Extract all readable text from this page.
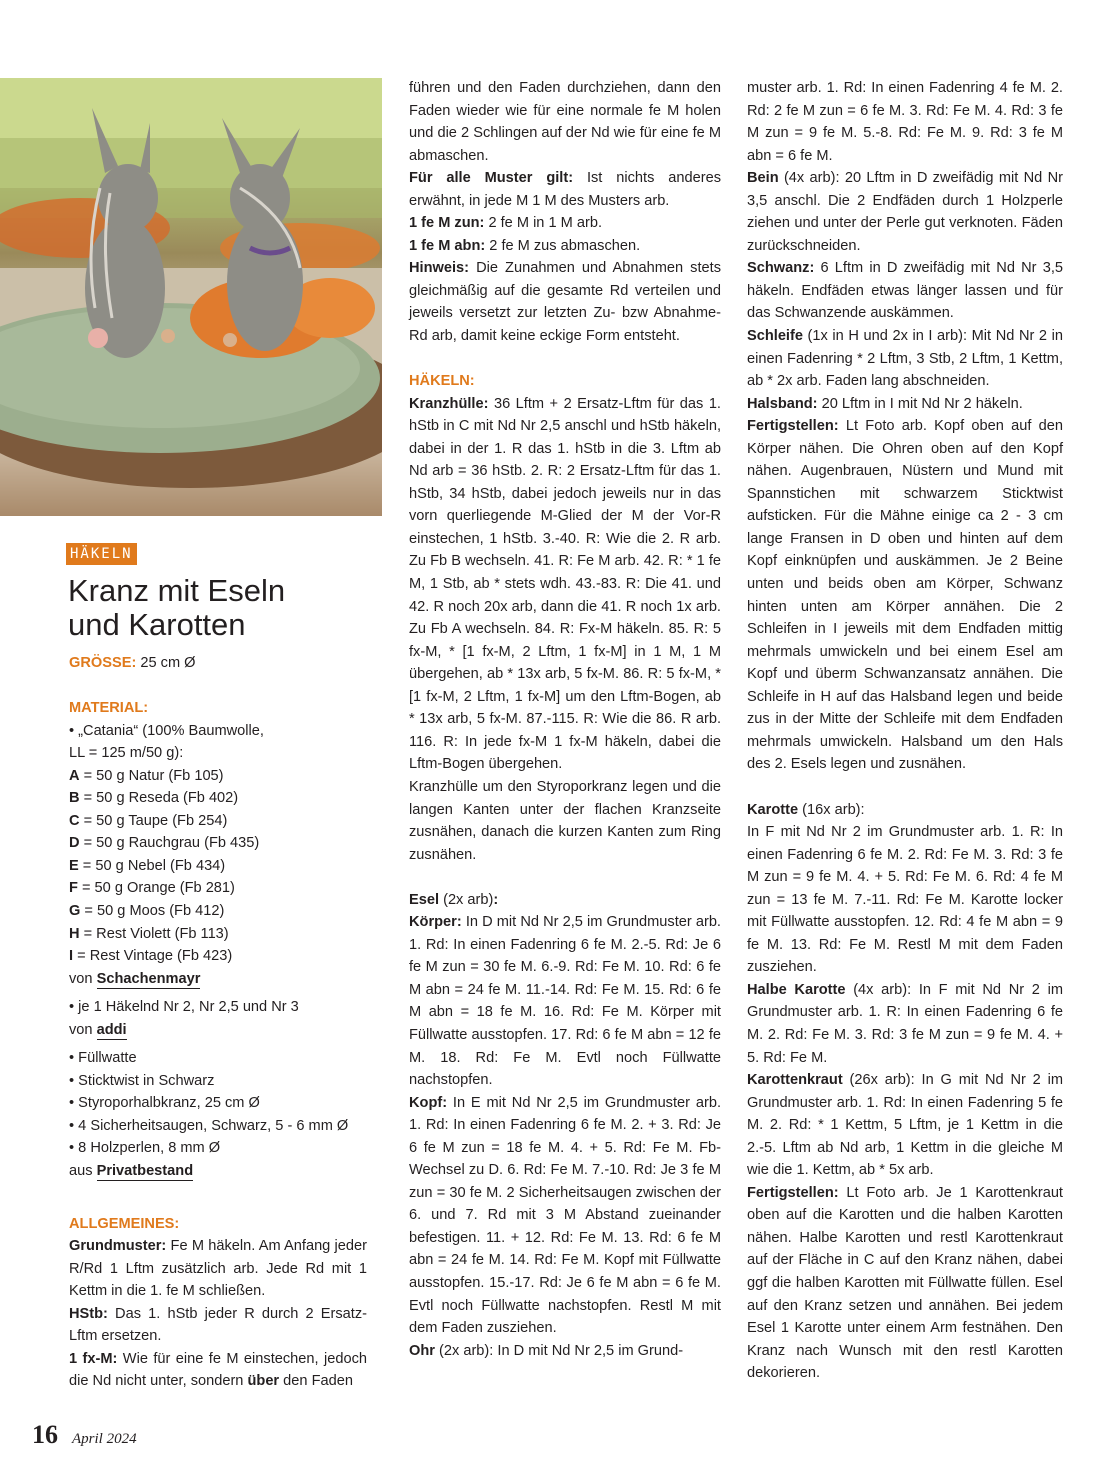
HÄKELN
Kranz mit Eseln
und Karotten

GRÖSSE: 25 cm Ø

MATERIAL:

• „Catania“ (100% Baumwolle,

LL = 125 m/50 g):

A = 50 g Natur (Fb 105)

B = 50 g Reseda (Fb 402)

C = 50 g Taupe (Fb 254)

D = 50 g Rauchgrau (Fb 435)

E = 50 g Nebel (Fb 434)

F = 50 g Orange (Fb 281)

G = 50 g Moos (Fb 412)

H = Rest Violett (Fb 113)

I = Rest Vintage (Fb 423)

von Schachenmayr

• je 1 Häkelnd Nr 2, Nr 2,5 und Nr 3

von addi

• Füllwatte

• Sticktwist in Schwarz

• Styroporhalbkranz, 25 cm Ø

• 4 Sicherheitsaugen, Schwarz, 5 - 6 mm Ø

• 8 Holzperlen, 8 mm Ø

aus Privatbestand

ALLGEMEINES:

Grundmuster: Fe M häkeln. Am Anfang jeder R/Rd 1 Lftm zusätzlich arb. Jede Rd mit 1 Kettm in die 1. fe M schließen.

HStb: Das 1. hStb jeder R durch 2 Ersatz-Lftm ersetzen.

1 fx-M: Wie für eine fe M einstechen, jedoch die Nd nicht unter, sondern über den Faden

führen und den Faden durchziehen, dann den Faden wieder wie für eine normale fe M holen und die 2 Schlingen auf der Nd wie für eine fe M abmaschen.

Für alle Muster gilt: Ist nichts anderes erwähnt, in jede M 1 M des Musters arb.

1 fe M zun: 2 fe M in 1 M arb.

1 fe M abn: 2 fe M zus abmaschen.

Hinweis: Die Zunahmen und Abnahmen stets gleichmäßig auf die gesamte Rd verteilen und jeweils versetzt zur letzten Zu- bzw Abnahme-Rd arb, damit keine eckige Form entsteht.

HÄKELN:

Kranzhülle: 36 Lftm + 2 Ersatz-Lftm für das 1. hStb in C mit Nd Nr 2,5 anschl und hStb häkeln, dabei in der 1. R das 1. hStb in die 3. Lftm ab Nd arb = 36 hStb. 2. R: 2 Ersatz-Lftm für das 1. hStb, 34 hStb, dabei jedoch jeweils nur in das vorn querliegende M-Glied der M der Vor-R einstechen, 1 hStb. 3.-40. R: Wie die 2. R arb. Zu Fb B wechseln. 41. R: Fe M arb. 42. R: * 1 fe M, 1 Stb, ab * stets wdh. 43.-83. R: Die 41. und 42. R noch 20x arb, dann die 41. R noch 1x arb. Zu Fb A wechseln. 84. R: Fx-M häkeln. 85. R: 5 fx-M, * [1 fx-M, 2 Lftm, 1 fx-M] in 1 M, 1 M übergehen, ab * 13x arb, 5 fx-M. 86. R: 5 fx-M, * [1 fx-M, 2 Lftm, 1 fx-M] um den Lftm-Bogen, ab * 13x arb, 5 fx-M. 87.-115. R: Wie die 86. R arb. 116. R: In jede fx-M 1 fx-M häkeln, dabei die Lftm-Bogen übergehen.

Kranzhülle um den Styroporkranz legen und die langen Kanten unter der flachen Kranzseite zusnähen, danach die kurzen Kanten zum Ring zusnähen.

Esel (2x arb):

Körper: In D mit Nd Nr 2,5 im Grundmuster arb. 1. Rd: In einen Fadenring 6 fe M. 2.-5. Rd: Je 6 fe M zun = 30 fe M. 6.-9. Rd: Fe M. 10. Rd: 6 fe M abn = 24 fe M. 11.-14. Rd: Fe M. 15. Rd: 6 fe M abn = 18 fe M. 16. Rd: Fe M. Körper mit Füllwatte ausstopfen. 17. Rd: 6 fe M abn = 12 fe M. 18. Rd: Fe M. Evtl noch Füllwatte nachstopfen.

Kopf: In E mit Nd Nr 2,5 im Grundmuster arb. 1. Rd: In einen Fadenring 6 fe M. 2. + 3. Rd: Je 6 fe M zun = 18 fe M. 4. + 5. Rd: Fe M. Fb-Wechsel zu D. 6. Rd: Fe M. 7.-10. Rd: Je 3 fe M zun = 30 fe M. 2 Sicherheitsaugen zwischen der 6. und 7. Rd mit 3 M Abstand zueinander befestigen. 11. + 12. Rd: Fe M. 13. Rd: 6 fe M abn = 24 fe M. 14. Rd: Fe M. Kopf mit Füllwatte ausstopfen. 15.-17. Rd: Je 6 fe M abn = 6 fe M. Evtl noch Füllwatte nachstopfen. Restl M mit dem Faden zusziehen.

Ohr (2x arb): In D mit Nd Nr 2,5 im Grund-

muster arb. 1. Rd: In einen Fadenring 4 fe M. 2. Rd: 2 fe M zun = 6 fe M. 3. Rd: Fe M. 4. Rd: 3 fe M zun = 9 fe M. 5.-8. Rd: Fe M. 9. Rd: 3 fe M abn = 6 fe M.

Bein (4x arb): 20 Lftm in D zweifädig mit Nd Nr 3,5 anschl. Die 2 Endfäden durch 1 Holzperle ziehen und unter der Perle gut verknoten. Fäden zurückschneiden.

Schwanz: 6 Lftm in D zweifädig mit Nd Nr 3,5 häkeln. Endfäden etwas länger lassen und für das Schwanzende auskämmen.

Schleife (1x in H und 2x in I arb): Mit Nd Nr 2 in einen Fadenring * 2 Lftm, 3 Stb, 2 Lftm, 1 Kettm, ab * 2x arb. Faden lang abschneiden.

Halsband: 20 Lftm in I mit Nd Nr 2 häkeln.

Fertigstellen: Lt Foto arb. Kopf oben auf den Körper nähen. Die Ohren oben auf den Kopf nähen. Augenbrauen, Nüstern und Mund mit Spannstichen mit schwarzem Sticktwist aufsticken. Für die Mähne einige ca 2 - 3 cm lange Fransen in D oben und hinten auf dem Kopf einknüpfen und auskämmen. Je 2 Beine unten und beids oben am Körper, Schwanz hinten unten am Körper annähen. Die 2 Schleifen in I jeweils mit dem Endfaden mittig mehrmals umwickeln und bei einem Esel am Kopf und überm Schwanzansatz annähen. Die Schleife in H auf das Halsband legen und beide zus in der Mitte der Schleife mit dem Endfaden mehrmals umwickeln. Halsband um den Hals des 2. Esels legen und zusnähen.

Karotte (16x arb):

In F mit Nd Nr 2 im Grundmuster arb. 1. R: In einen Fadenring 6 fe M. 2. Rd: Fe M. 3. Rd: 3 fe M zun = 9 fe M. 4. + 5. Rd: Fe M. 6. Rd: 4 fe M zun = 13 fe M. 7.-11. Rd: Fe M. Karotte locker mit Füllwatte ausstopfen. 12. Rd: 4 fe M abn = 9 fe M. 13. Rd: Fe M. Restl M mit dem Faden zusziehen.

Halbe Karotte (4x arb): In F mit Nd Nr 2 im Grundmuster arb. 1. R: In einen Fadenring 6 fe M. 2. Rd: Fe M. 3. Rd: 3 fe M zun = 9 fe M. 4. + 5. Rd: Fe M.

Karottenkraut (26x arb): In G mit Nd Nr 2 im Grundmuster arb. 1. Rd: In einen Fadenring 5 fe M. 2. Rd: * 1 Kettm, 5 Lftm, je 1 Kettm in die 2.-5. Lftm ab Nd arb, 1 Kettm in die gleiche M wie die 1. Kettm, ab * 5x arb.

Fertigstellen: Lt Foto arb. Je 1 Karottenkraut oben auf die Karotten und die halben Karotten nähen. Halbe Karotten und restl Karottenkraut auf der Fläche in C auf den Kranz nähen, dabei ggf die halben Karotten mit Füllwatte füllen. Esel auf den Kranz setzen und annähen. Bei jedem Esel 1 Karotte unter einem Arm festnähen. Den Kranz nach Wunsch mit den restl Karotten dekorieren.

16 April 2024
